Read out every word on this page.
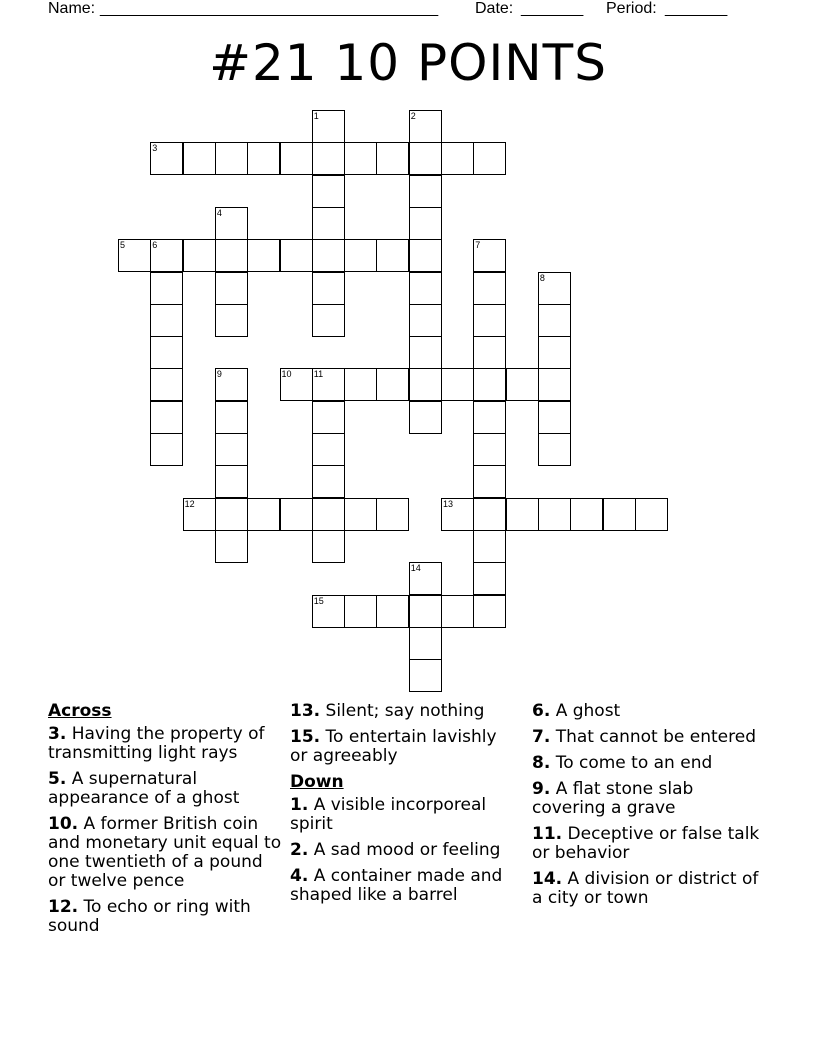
Name: ______________________________________ Date: _______ Period: _______
#21 10 POINTS
1	2
3
4
5	6	7
8
9	10 11
12	13
14
15
Across
3. Having the property of transmitting light rays
5. A supernatural appearance of a ghost
10. A former British coin and monetary unit equal to one twentieth of a pound or twelve pence
12. To echo or ring with sound
13. Silent; say nothing
15. To entertain lavishly or agreeably
Down
1. A visible incorporeal spirit
2. A sad mood or feeling
4. A container made and shaped like a barrel
6. A ghost
7. That cannot be entered
8. To come to an end
9. A flat stone slab covering a grave
11. Deceptive or false talk or behavior
14. A division or district of a city or town
